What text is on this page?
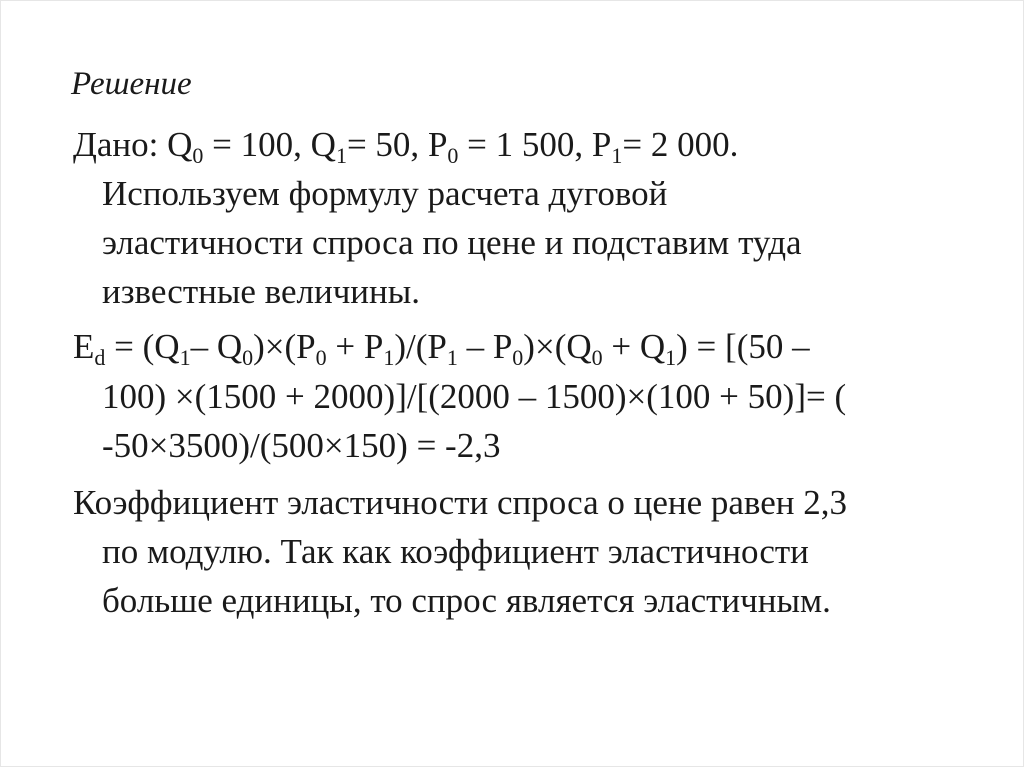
Решение
Дано: $Q_0 = 100$, $Q_1= 50$, $P_0 = 1$ 500, $P_1= 2$ 000.
Используем формулу расчета дуговой
эластичности спроса по цене и подставим туда
известные величины.
$E_d = (Q_1-$ $Q_0)\times(P_0 + P_1)/(P_1 - P_0)\times(Q_0 + Q_1) = [(50$ –
100) ×(1500 + 2000)]/[(2000 – 1500)×(100 + 50)]= (
-50×3500)/(500×150) = -2,3
Коэффициент эластичности спроса о цене равен 2,3
по модулю. Так как коэффициент эластичности
больше единицы, то спрос является эластичным.
